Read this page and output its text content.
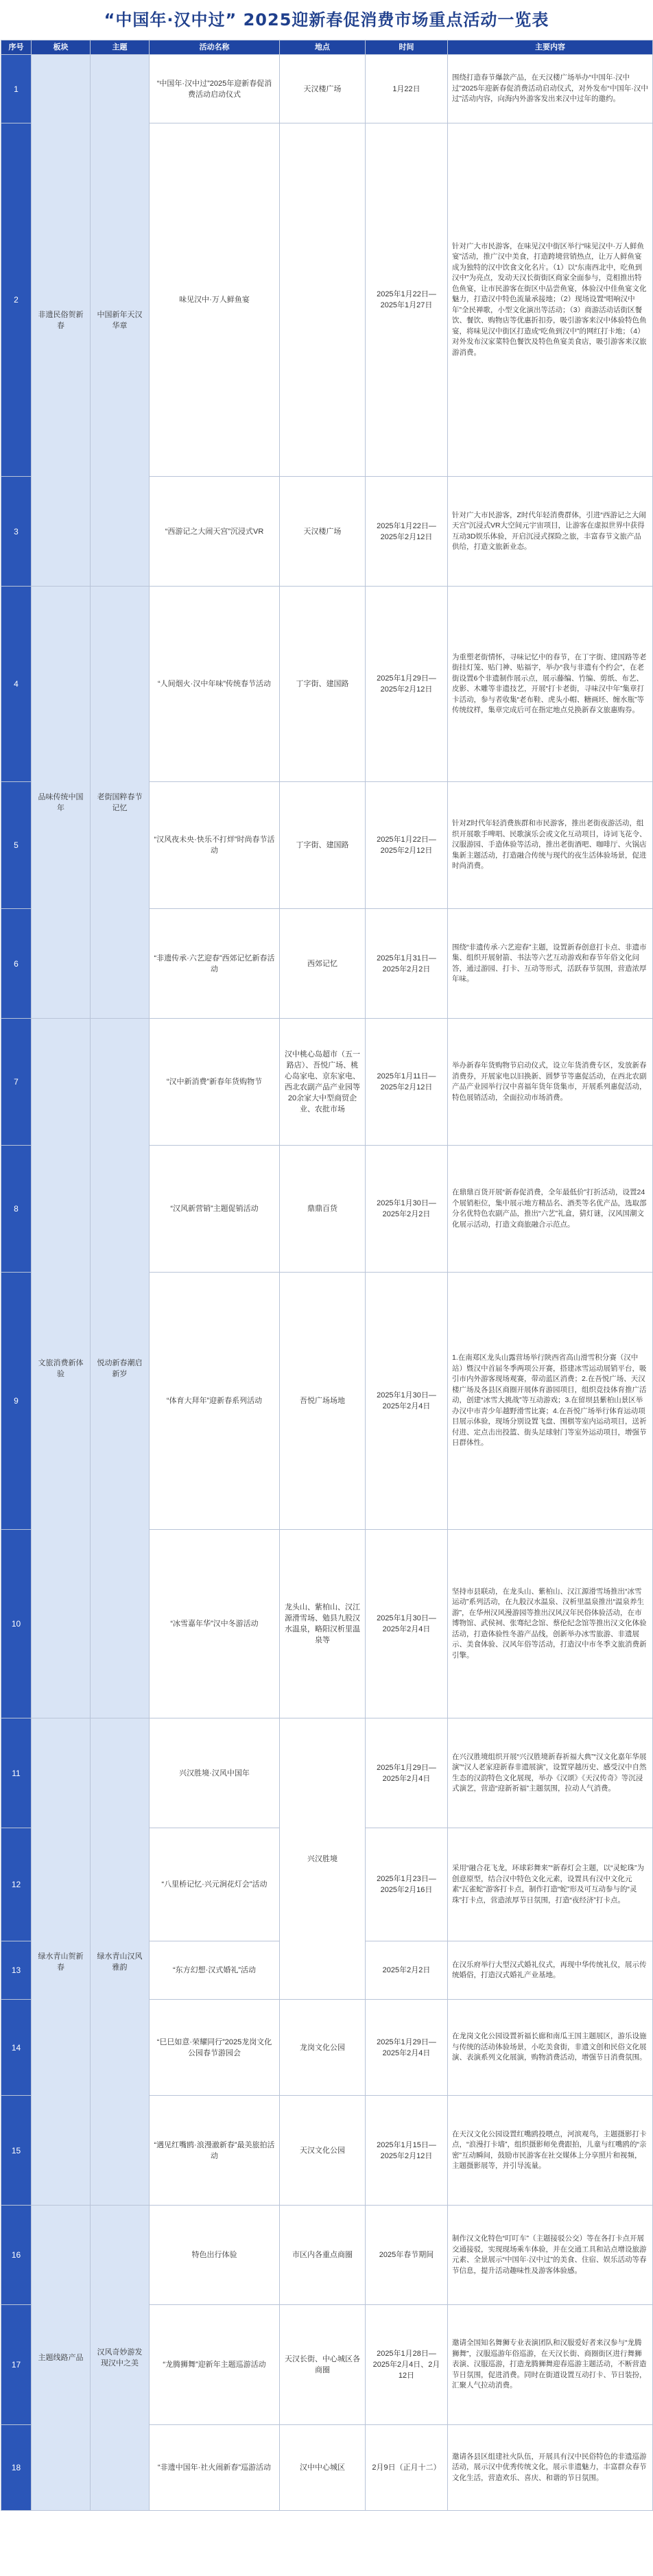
“中国年·汉中过” 2025迎新春促消费市场重点活动一览表
序号	板块	主题	活动名称	地点	时间	主要内容
1	非遗民俗贺新春	中国新年天汉华章	“中国年·汉中过”2025年迎新春促消费活动启动仪式	天汉楼广场	1月22日	围绕打造春节爆款产品，在天汉楼广场举办“中国年·汉中过”2025年迎新春促消费活动启动仪式，对外发布“中国年·汉中过”活动内容，向海内外游客发出来汉中过年的邀约。
2			味见汉中·万人鲜鱼宴		2025年1月22日—2025年1月27日	针对广大市民游客，在味见汉中街区举行“味见汉中·万人鲜鱼宴”活动，推广汉中美食，打造跨境营销热点，让万人鲜鱼宴成为独特的汉中饮食文化名片。（1）以“东南西北中，吃鱼到汉中”为亮点，发动天汉长街街区商家全面参与，竞相推出特色鱼宴，让市民游客在街区中品尝鱼宴，体验汉中佳鱼宴文化魅力，打造汉中特色流量承接地；（2）现场设置“唱响汉中年”全民禅歌，小型文化演出等活动；（3）商游活动话街区餐饮、餐饮、购物店等优惠折扣券，吸引游客来汉中体验特色鱼宴，将味见汉中街区打造成“吃鱼到汉中”的网红打卡地；（4）对外发布汉家菜特色餐饮及特色鱼宴美食店，吸引游客来汉旅游消费。
3			“西游记之大闹天宫”沉浸式VR	天汉楼广场	2025年1月22日—2025年2月12日	针对广大市民游客，Z时代年轻消费群体，引进“西游记之大闹天宫”沉浸式VR大空间元宇宙项目，让游客在虚拟世界中获得互动3D娱乐体验，开启沉浸式探险之旅，丰富春节文旅产品供给，打造文旅新业态。
4	品味传统中国年	老街国粹春节记忆	“人间烟火·汉中年味”传统春节活动	丁字街、建国路	2025年1月29日—2025年2月12日	为重塑老街情怀，寻味记忆中的春节，在丁字街、建国路等老街挂灯笼、贴门神、贴福字，举办“我与非遗有个约会”，在老街设置6个非遗制作展示点，展示藤编、竹编、剪纸、布艺、皮影、木雕等非遗技艺，开展“打卡老街，寻味汉中年”集章打卡活动，参与者收集“老布鞋、虎头小帽、糖画坯、缠水瓶”等传统纹样，集章完成后可在指定地点兑换新春文旅惠购券。
5			“汉风夜未央·快乐不打烊”时尚春节活动	丁字街、建国路	2025年1月22日—2025年2月12日	针对Z时代年轻消费族群和市民游客，推出老街夜游活动，组织开展歌手啤唱、民歌演乐会或文化互动项目，诗词飞花令、汉服游园、手造体验等活动，推出老街酒吧、咖啡厅、火锅店集新主题活动，打造融合传统与现代的夜生活体验场景，促进时尚消费。
6			“非遗传承·六艺迎春”西郊记忆新春活动	西郊记忆	2025年1月31日—2025年2月2日	围绕“非遗传承·六艺迎春”主题，设置新春创意打卡点、非遗市集、组织开展射箭、书法等六艺互动游戏和春节年俗文化问答，通过游园、打卡、互动等形式，活跃春节氛围，营造浓厚年味。
7	文旅消费新体验	悦动新春潮启新岁	“汉中新消费”新春年货购物节	汉中桃心岛超市（五一路店）、吾悦广场、桃心岛家电、京东家电、西北农副产品产业园等20余家大中型商贸企业、农批市场	2025年1月11日—2025年2月12日	举办新春年货购物节启动仪式，设立年货消费专区，发放新春消费券，开展家电以旧换新、圆梦节等惠促活动，在西北农副产品产业园举行汉中喜福年货年货集市，开展系列惠促活动，特色展销活动，全面拉动市场消费。
8			“汉风新营销”主题促销活动	鼎鼎百货	2025年1月30日—2025年2月2日	在鼎鼎百货开展“新春促消费，全年最低价”打折活动，设置24个展销柜位，集中展示地方精品名、酒类等名优产品，选取部分名优特色农副产品，推出“六艺”礼盒，猜灯谜，汉风国潮文化展示活动，打造文商旅融合示范点。
9			“体育大拜年”迎新春系列活动	吾悦广场场地	2025年1月30日—2025年2月4日	1.在南郑区龙头山露营场举行陕西省高山滑雪积分赛（汉中站）暨汉中首届冬季两项公开赛，搭建冰雪运动展销平台，吸引市内外游客现场观赛，带动蓝区消费；2.在吾悦广场、天汉楼广场及各县区商圈开展体育游园项目，组织竞技体育推广活动，创建“冰雪大挑战”等互动游戏；3.在留坝县紫柏山景区举办汉中市青少年越野滑雪比赛；4.在吾悦广场举行体育运动项目展示体验，现场分别设置飞盘、围棋等室内运动项目，送祈付进、定点击出投篮、街头足球射门等室外运动项目，增强节日群体性。
10			“冰雪嘉年华”汉中冬游活动	龙头山、紫柏山、汉江源滑雪场、勉县九股汉水温泉，略阳汉析里温泉等	2025年1月30日—2025年2月4日	坚持市县联动，在龙头山、紫柏山、汉江源滑雪场推出“冰雪运动”系列活动，在九股汉水温泉、汉析里温泉推出“温泉养生游”，在华州汉风漫游园等推出汉风汉年民俗体验活动，在市博物馆、武侯祠、张骞纪念馆、蔡伦纪念馆等推出汉文化体验活动，打造体验性冬游产品线，创新举办冰雪旅游、非遗展示、美食体验、汉风年俗等活动，打造汉中市冬季文旅消费新引擎。
11	绿水青山贺新春	绿水青山汉风雅韵	兴汉胜境·汉风中国年	兴汉胜境	2025年1月29日—2025年2月4日	在兴汉胜境组织开展“兴汉胜境新春祈福大典”“汉文化嘉年华展演”“汉人老家迎新春非遗展演”，设置穿越历史、感受汉中自然生态的汉韵特色文化展现，举办《汉颂》《天汉传奇》等沉浸式演艺，营造“迎新祈福”主题氛围，拉动人气消费。
12			“八里桥记忆·兴元涧花灯会”活动		2025年1月23日—2025年2月16日	采用“融合花飞龙，环球彩舞来”“新春灯会主题，以“灵蛇珠”为创意原型，结合汉中特色文化元素，设置具有汉中文化元素“瓦雀蛇”游客打卡点，制作打造“蛇”形及可互动参与的“灵珠”打卡点，营造浓厚节日氛围，打造“夜经济”打卡点。
13			“东方幻想·汉式婚礼”活动		2025年2月2日	在汉乐府举行大型汉式婚礼仪式，再现中华传统礼仪，展示传统婚俗，打造汉式婚礼产业基地。
14			“巳巳如意·荣耀同行”2025龙岗文化公园春节游园会	龙岗文化公园	2025年1月29日—2025年2月4日	在龙岗文化公园设置祈福长廊和南瓜王国主题展区，游乐设施与传统的活动体验场景，小吃美食街，非遗文创和民俗文化展演、表演系列文化展演，购物消费活动，增强节日消费氛围。
15			“遇见红嘴鸥·浪漫澈新春”最美旅拍活动	天汉文化公园	2025年1月15日—2025年2月12日	在天汉文化公园设置红嘴鸥投喂点，河滨观鸟，主题摄影打卡点，“浪漫打卡墙”，组织摄影师免费跟拍，儿童与红嘴鸥的“亲密”互动瞬间，鼓励市民游客在社交媒体上分享照片和视频，主题摄影展等，并引导流量。
16	主题线路产品	汉风奇妙游发现汉中之美	特色出行体验	市区内各重点商圈	2025年春节期间	制作汉文化特色“叮叮车”（主题接驳公交）等在各打卡点开展交通接驳，实现现场乘车体验，并在交通工具和站点增设旅游元素、全景展示“中国年·汉中过”的美食、住宿、娱乐活动等春节信息，提升活动趣味性及游客体验感。
17			“龙腾狮舞”迎新年主题巡游活动	天汉长街、中心城区各商圈	2025年1月28日—2025年2月4日、2月12日	邀请全国知名舞狮专业表演团队和汉服爱好者来汉参与“龙腾狮舞”，汉服巡游年俗巡游，在天汉长街、商圈街区进行舞狮表演、汉服巡游，打造龙腾狮舞迎春巡游主题活动，不断营造节日氛围，促进消费。同时在街道设置互动打卡、节日装扮，汇聚人气拉动消费。
18			“非遗中国年·社火闹新春”巡游活动	汉中中心城区	2月9日（正月十二）	邀请各县区组建社火队伍，开展具有汉中民俗特色的非遗巡游活动，展示汉中优秀传统文化，展示非遗魅力，丰富群众春节文化生活，营造欢乐、喜庆、和谐的节日氛围。
